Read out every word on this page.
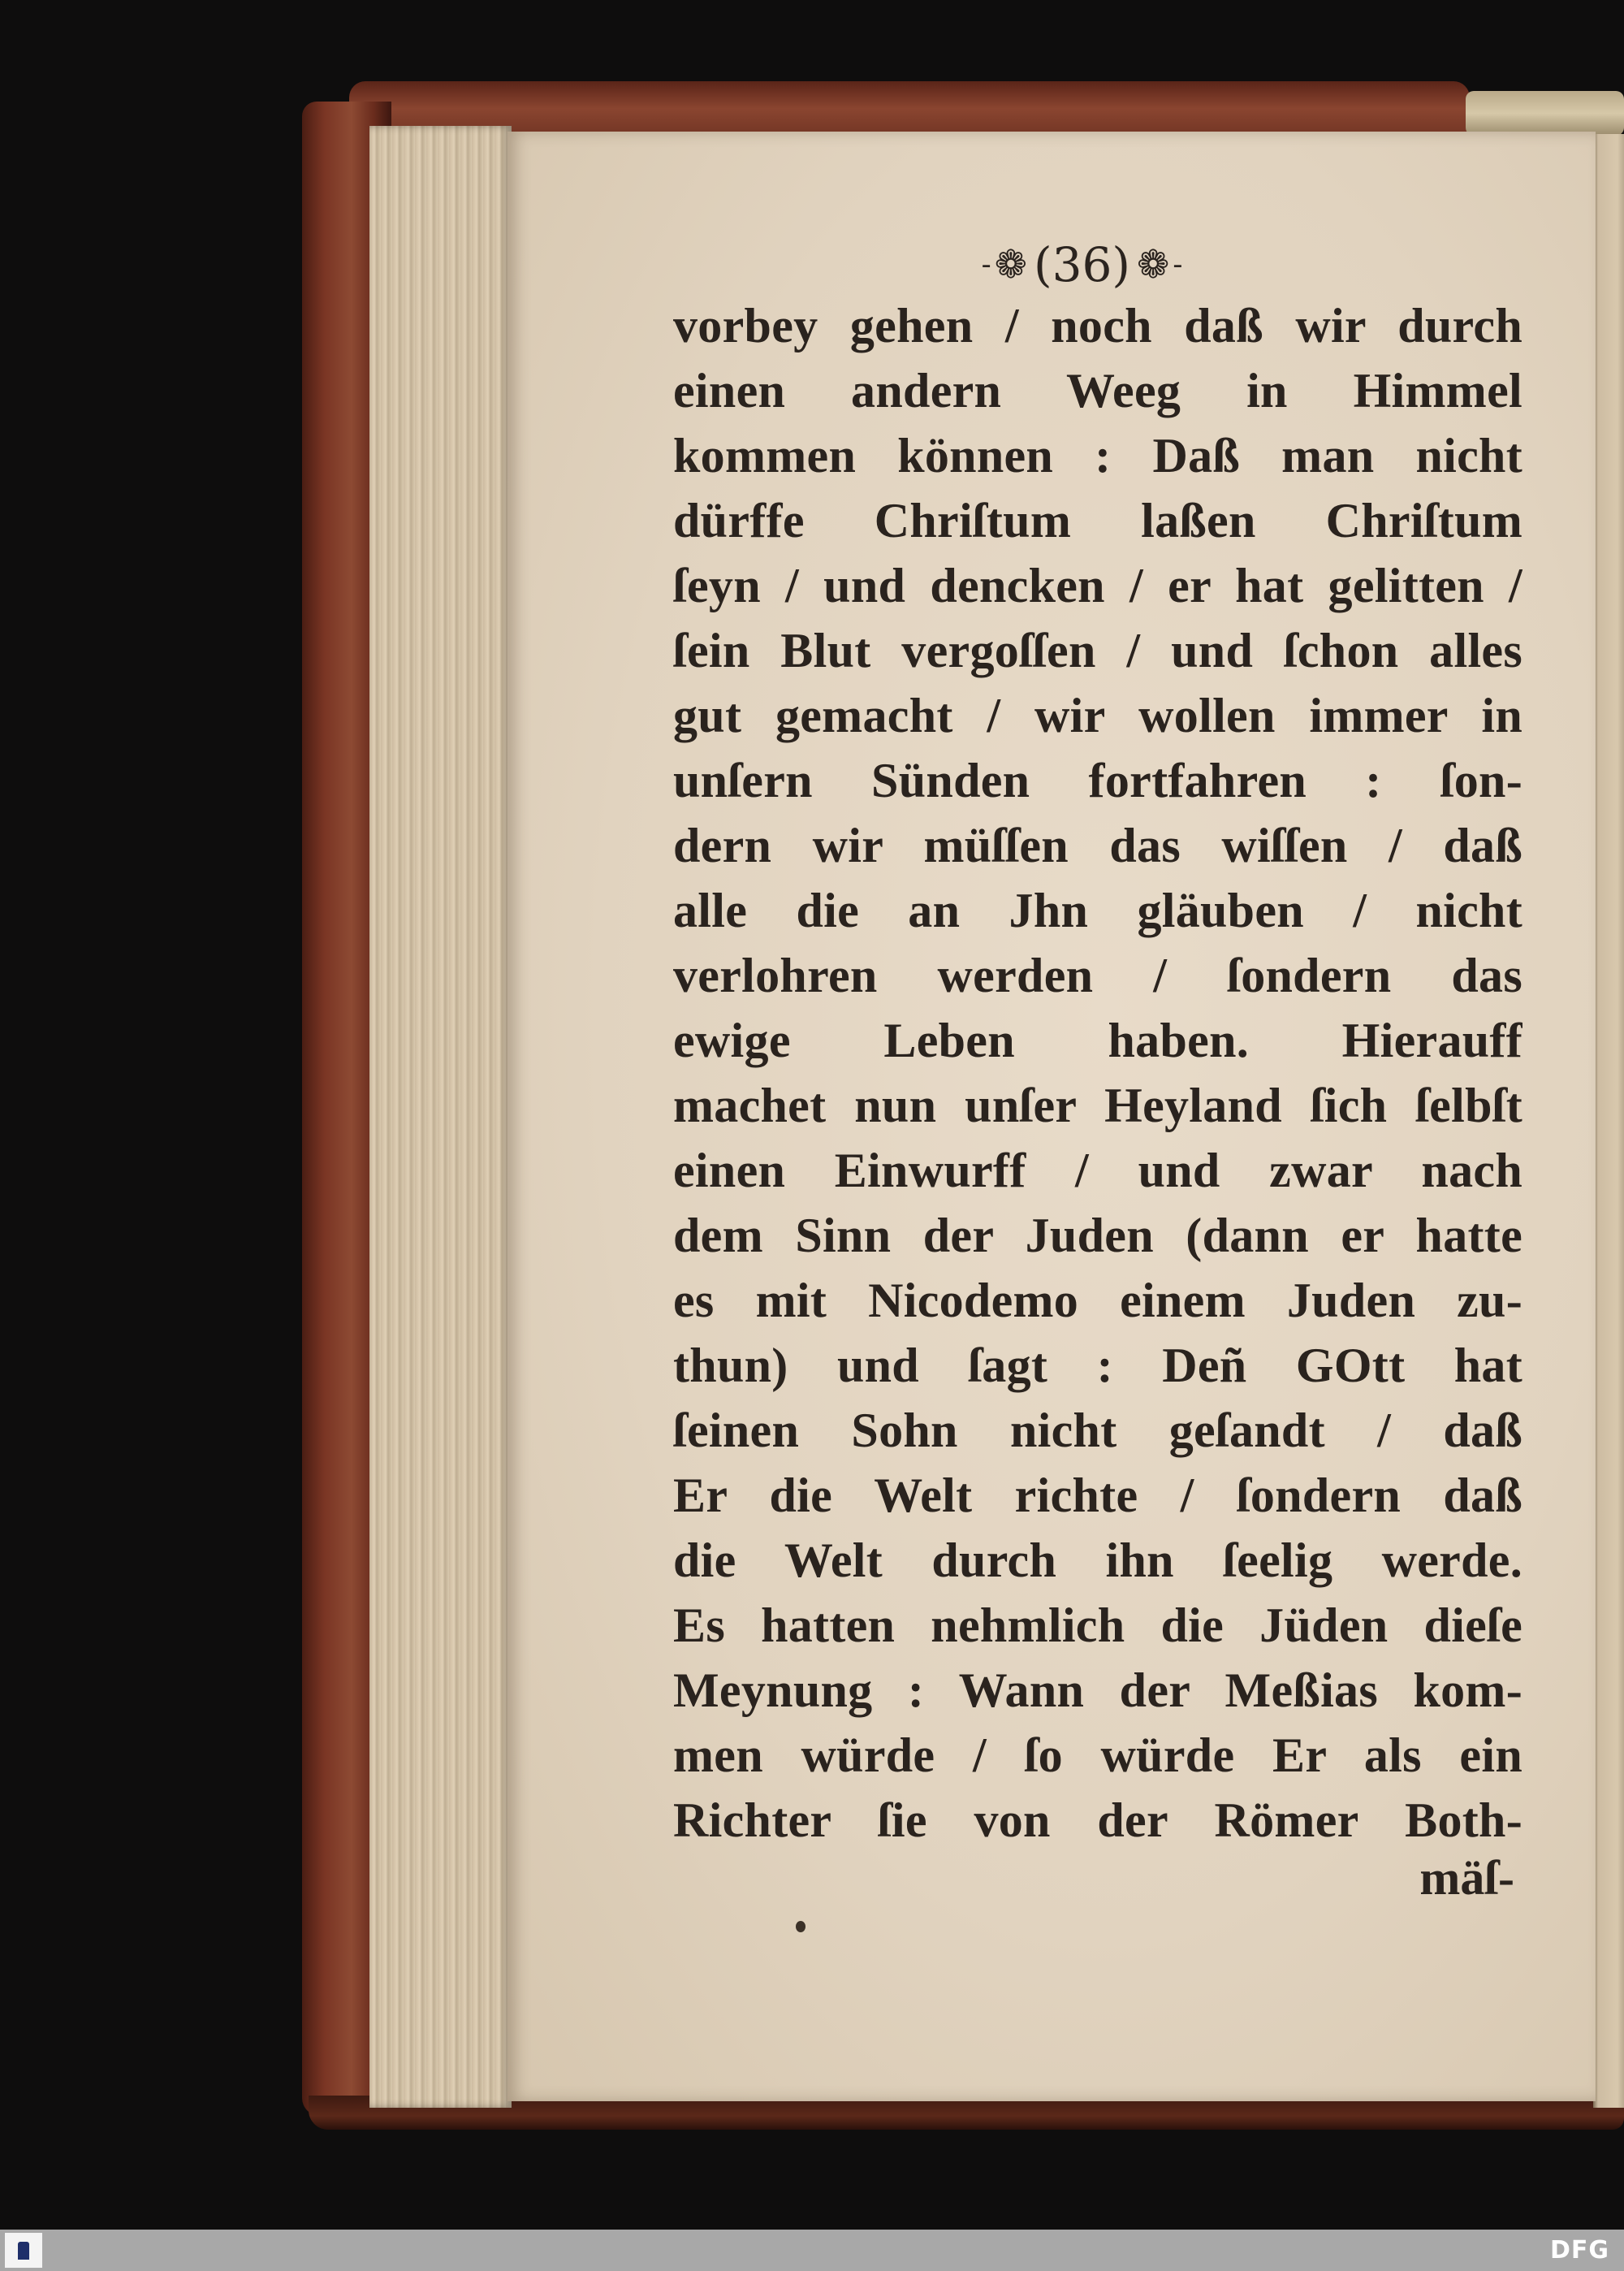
- ❁ (36) ❁ -
vorbey gehen / noch daß wir durch
einen andern Weeg in Himmel
kommen können : Daß man nicht
dürffe Chriſtum laßen Chriſtum
ſeyn / und dencken / er hat gelitten /
ſein Blut vergoſſen / und ſchon alles
gut gemacht / wir wollen immer in
unſern Sünden fortfahren : ſon-
dern wir müſſen das wiſſen / daß
alle die an Jhn gläuben / nicht
verlohren werden / ſondern das
ewige Leben haben. Hierauff
machet nun unſer Heyland ſich ſelbſt
einen Einwurff / und zwar nach
dem Sinn der Juden (dann er hatte
es mit Nicodemo einem Juden zu-
thun) und ſagt : Deñ GOtt hat
ſeinen Sohn nicht geſandt / daß
Er die Welt richte / ſondern daß
die Welt durch ihn ſeelig werde.
Es hatten nehmlich die Jüden dieſe
Meynung : Wann der Meßias kom-
men würde / ſo würde Er als ein
Richter ſie von der Römer Both-
mäſ-
DFG
